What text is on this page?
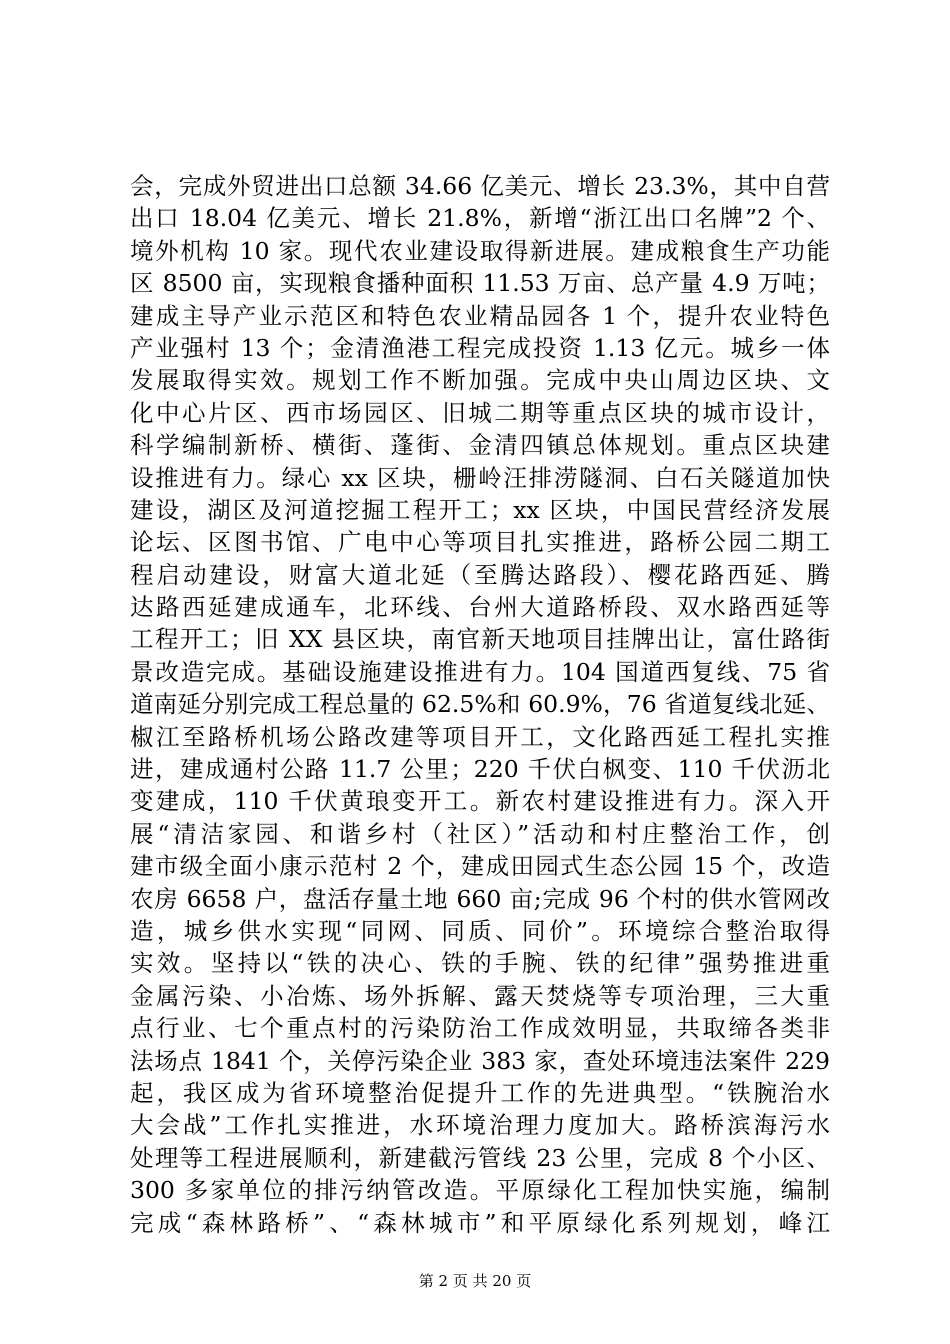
会，完成外贸进出口总额 34.66 亿美元、增长 23.3%，其中自营
出口 18.04 亿美元、增长 21.8%，新增“浙江出口名牌”2 个、
境外机构 10 家。现代农业建设取得新进展。建成粮食生产功能
区 8500 亩，实现粮食播种面积 11.53 万亩、总产量 4.9 万吨；
建成主导产业示范区和特色农业精品园各 1 个，提升农业特色
产业强村 13 个；金清渔港工程完成投资 1.13 亿元。城乡一体
发展取得实效。规划工作不断加强。完成中央山周边区块、文
化中心片区、西市场园区、旧城二期等重点区块的城市设计，
科学编制新桥、横街、蓬街、金清四镇总体规划。重点区块建
设推进有力。绿心 xx 区块，栅岭汪排涝隧洞、白石关隧道加快
建设，湖区及河道挖掘工程开工；xx 区块，中国民营经济发展
论坛、区图书馆、广电中心等项目扎实推进，路桥公园二期工
程启动建设，财富大道北延（至腾达路段）、樱花路西延、腾
达路西延建成通车，北环线、台州大道路桥段、双水路西延等
工程开工；旧 XX 县区块，南官新天地项目挂牌出让，富仕路街
景改造完成。基础设施建设推进有力。104 国道西复线、75 省
道南延分别完成工程总量的 62.5%和 60.9%，76 省道复线北延、
椒江至路桥机场公路改建等项目开工，文化路西延工程扎实推
进，建成通村公路 11.7 公里；220 千伏白枫变、110 千伏沥北
变建成，110 千伏黄琅变开工。新农村建设推进有力。深入开
展“清洁家园、和谐乡村（社区）”活动和村庄整治工作，创
建市级全面小康示范村 2 个，建成田园式生态公园 15 个，改造
农房 6658 户，盘活存量土地 660 亩;完成 96 个村的供水管网改
造，城乡供水实现“同网、同质、同价”。环境综合整治取得
实效。坚持以“铁的决心、铁的手腕、铁的纪律”强势推进重
金属污染、小冶炼、场外拆解、露天焚烧等专项治理，三大重
点行业、七个重点村的污染防治工作成效明显，共取缔各类非
法场点 1841 个，关停污染企业 383 家，查处环境违法案件 229
起，我区成为省环境整治促提升工作的先进典型。“铁腕治水
大会战”工作扎实推进，水环境治理力度加大。路桥滨海污水
处理等工程进展顺利，新建截污管线 23 公里，完成 8 个小区、
300 多家单位的排污纳管改造。平原绿化工程加快实施，编制
完成“森林路桥”、“森林城市”和平原绿化系列规划，峰江
第 2 页 共 20 页
